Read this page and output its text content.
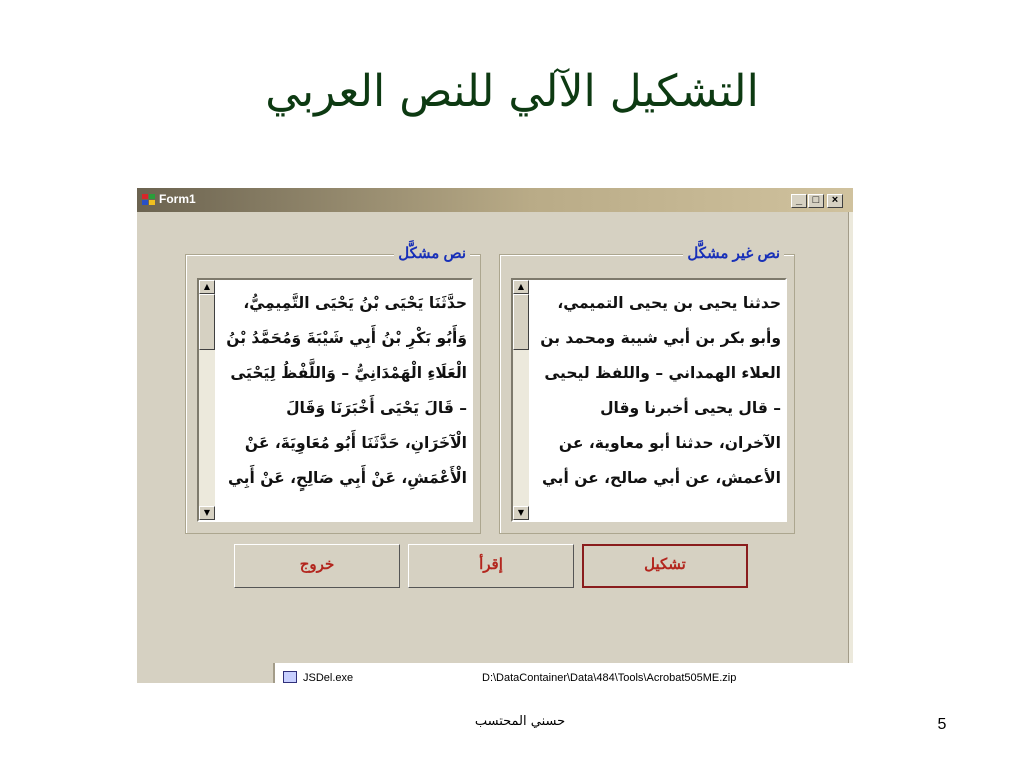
التشكيل الآلي للنص العربي
Form1	_ □	×
نص مشكَّل
▲
▼
حدَّثَنَا يَحْيَى بْنُ يَحْيَى التَّمِيمِيُّ،
وَأَبُو بَكْرِ بْنُ أَبِي شَيْبَةَ وَمُحَمَّدُ بْنُ
الْعَلَاءِ الْهَمْدَانِيُّ – وَاللَّفْظُ لِيَحْيَى
– قَالَ يَحْيَى أَخْبَرَنَا وَقَالَ
الْآخَرَانِ، حَدَّثَنَا أَبُو مُعَاوِيَةَ، عَنْ
الْأَعْمَشِ، عَنْ أَبِي صَالِحٍ، عَنْ أَبِي
نص غير مشكَّل
▲
▼
حدثنا يحيى بن يحيى التميمي،
وأبو بكر بن أبي شيبة ومحمد بن
العلاء الهمداني – واللفظ ليحيى
– قال يحيى أخبرنا وقال
الآخران، حدثنا أبو معاوية، عن
الأعمش، عن أبي صالح، عن أبي
خروج	إقرأ	تشكيل
JSDel.exe	D:\DataContainer\Data\484\Tools\Acrobat505ME.zip
حسني المحتسب	5
